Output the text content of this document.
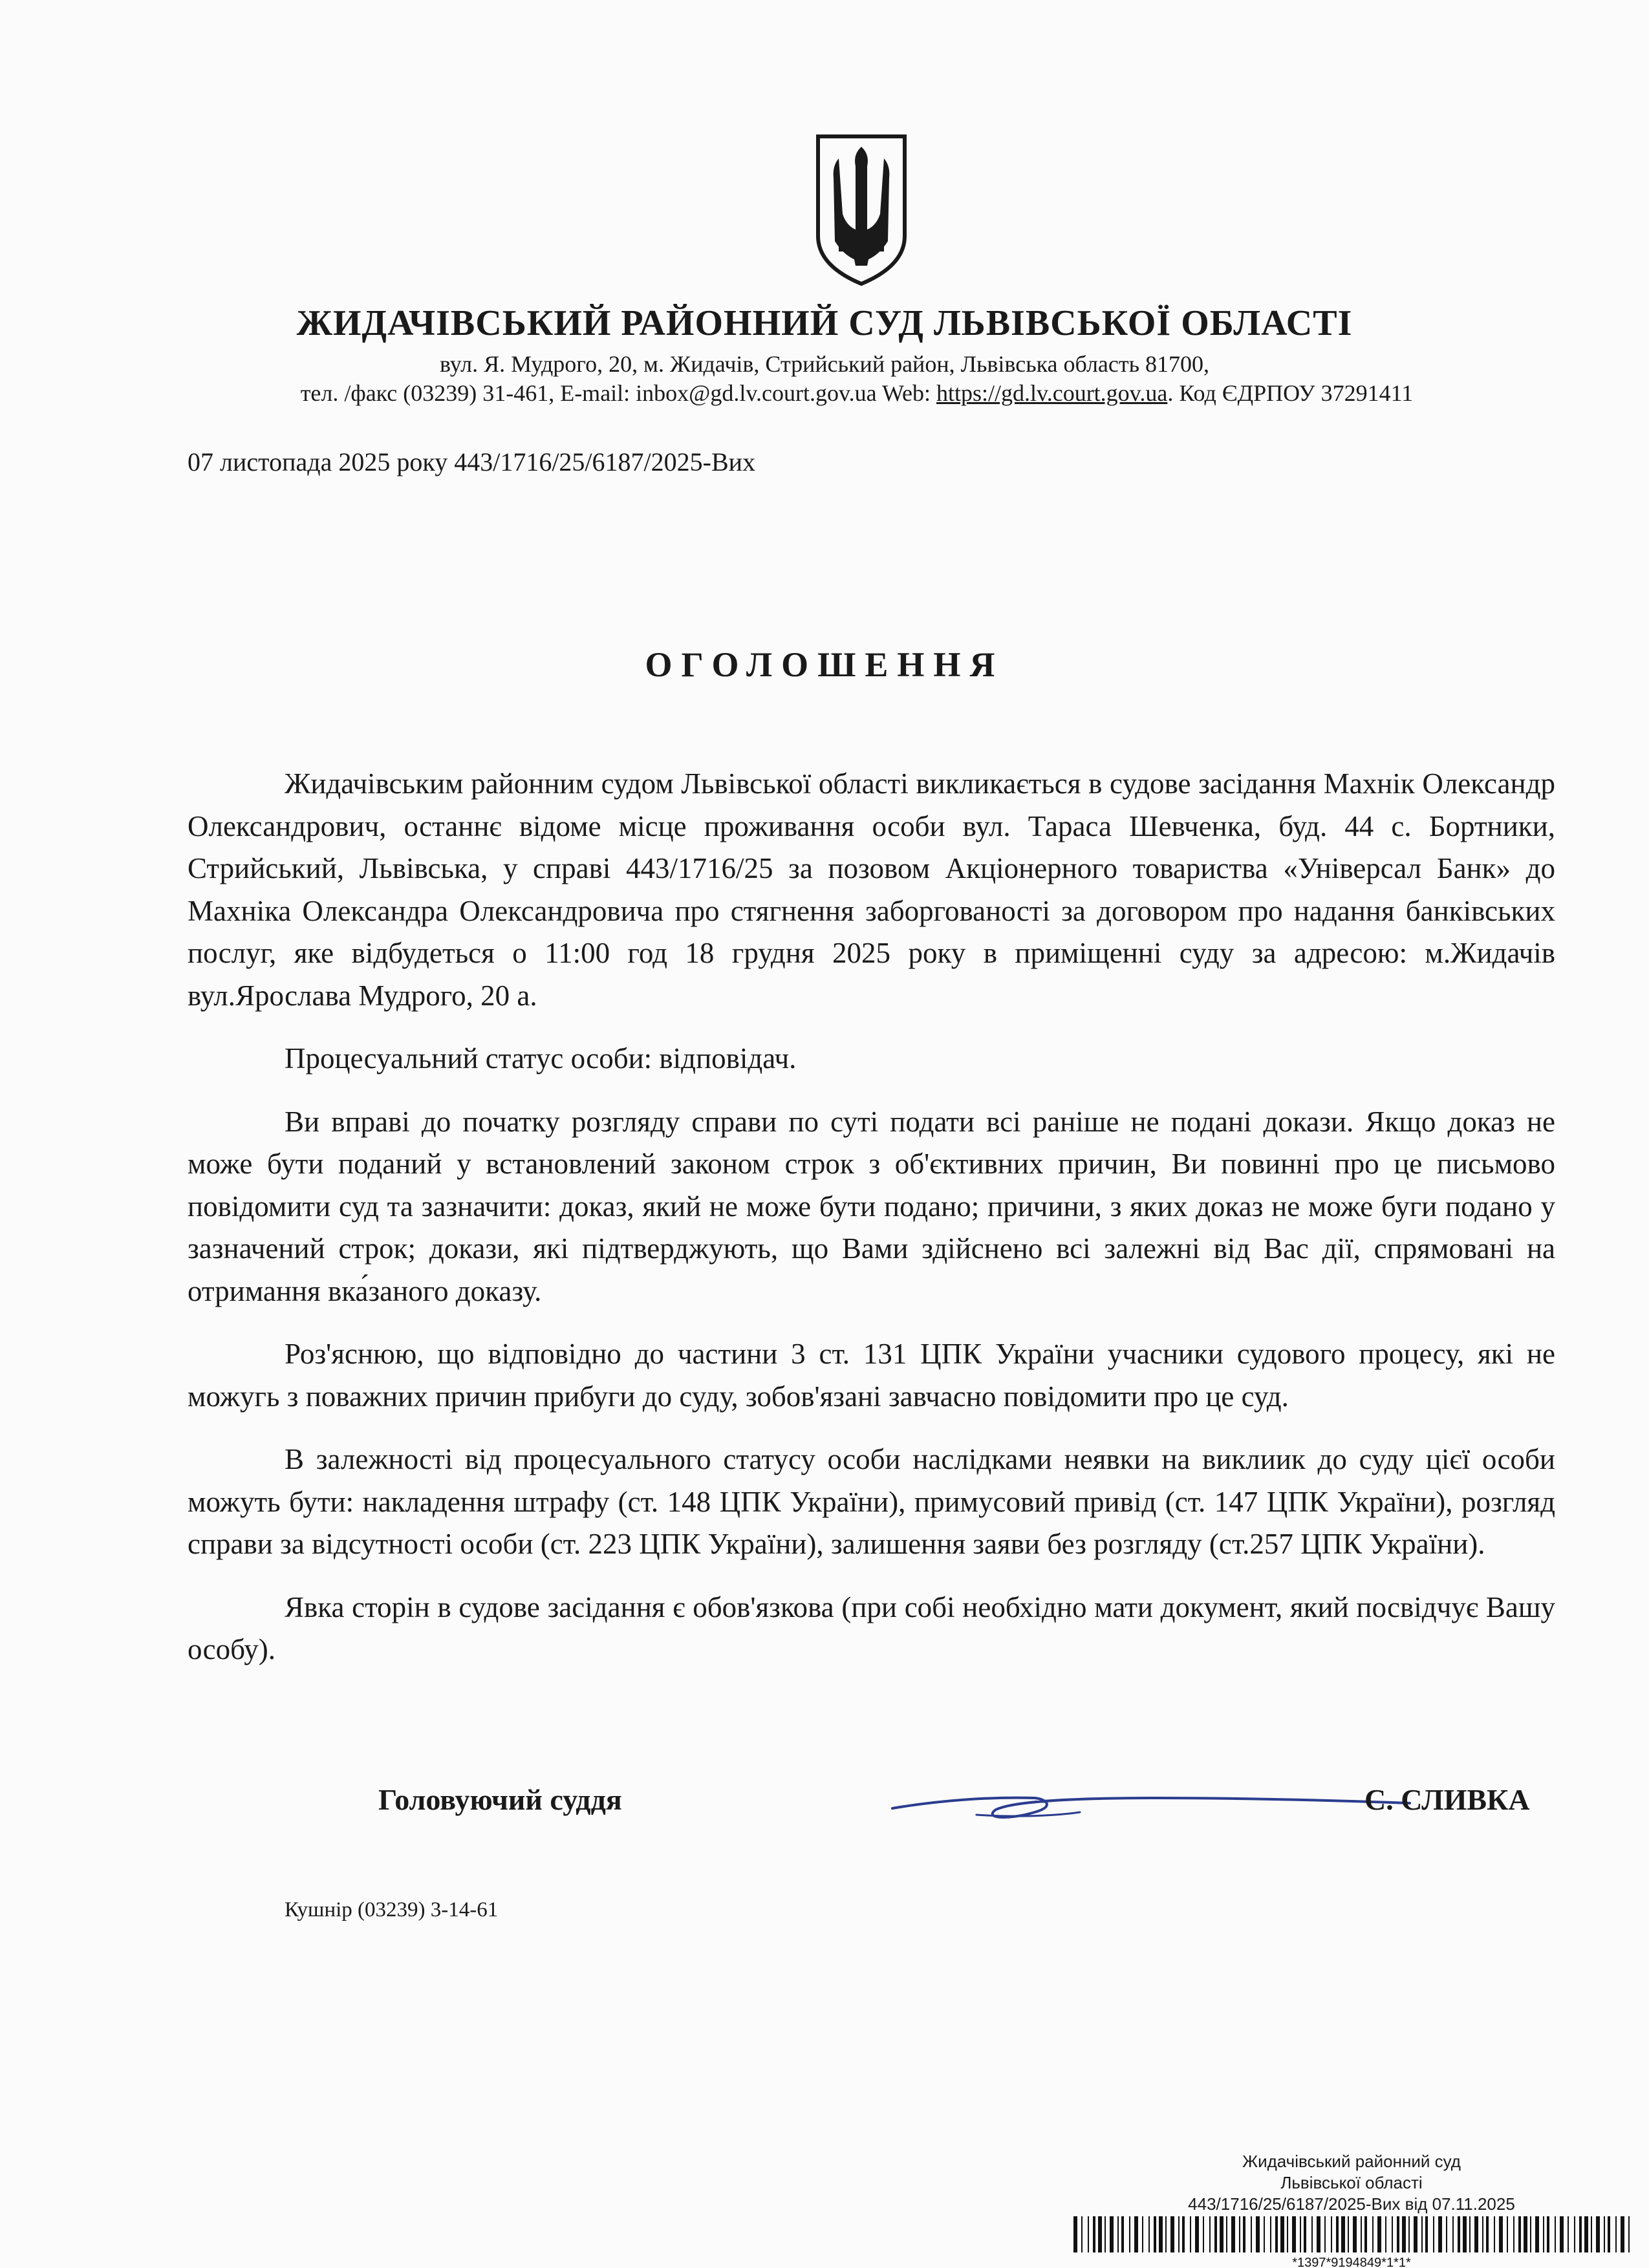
ЖИДАЧІВСЬКИЙ РАЙОННИЙ СУД ЛЬВІВСЬКОЇ ОБЛАСТІ
вул. Я. Мудрого, 20, м. Жидачів, Стрийський район, Львівська область 81700,
тел. /факс (03239) 31-461, E-mail: inbox@gd.lv.court.gov.ua Web: https://gd.lv.court.gov.ua. Код ЄДРПОУ 37291411
07 листопада 2025 року 443/1716/25/6187/2025-Вих
ОГОЛОШЕННЯ

Жидачівським районним судом Львівської області викликається в судове засідання Махнік Олександр Олександрович, останнє відоме місце проживання особи вул. Тараса Шевченка, буд. 44 с. Бортники, Стрийський, Львівська, у справі 443/1716/25 за позовом Акціонерного товариства «Універсал Банк» до Махніка Олександра Олександровича про стягнення заборгованості за договором про надання банківських послуг, яке відбудеться о 11:00 год 18 грудня 2025 року в приміщенні суду за адресою: м.Жидачів вул.Ярослава Мудрого, 20 а.

Процесуальний статус особи: відповідач.

Ви вправі до початку розгляду справи по суті подати всі раніше не подані докази. Якщо доказ не може бути поданий у встановлений законом строк з об'єктивних причин, Ви повинні про це письмово повідомити суд та зазначити: доказ, який не може бути подано; причини, з яких доказ не може буги подано у зазначений строк; докази, які підтверджують, що Вами здійснено всі залежні від Вас дії, спрямовані на отримання вка́заного доказу.

Роз'яснюю, що відповідно до частини 3 ст. 131 ЦПК України учасники судового процесу, які не можугь з поважних причин прибуги до суду, зобов'язані завчасно повідомити про це суд.

В залежності від процесуального статусу особи наслідками неявки на виклиик до суду цієї особи можуть бути: накладення штрафу (ст. 148 ЦПК України), примусовий привід (ст. 147 ЦПК України), розгляд справи за відсутності особи (ст. 223 ЦПК України), залишення заяви без розгляду (ст.257 ЦПК України).

Явка сторін в судове засідання є обов'язкова (при собі необхідно мати документ, який посвідчує Вашу особу).

Головуючий суддя	С. СЛИВКА
Кушнір (03239) 3-14-61
Жидачівський районний суд
Львівської області
443/1716/25/6187/2025-Вих від 07.11.2025
*1397*9194849*1*1*
